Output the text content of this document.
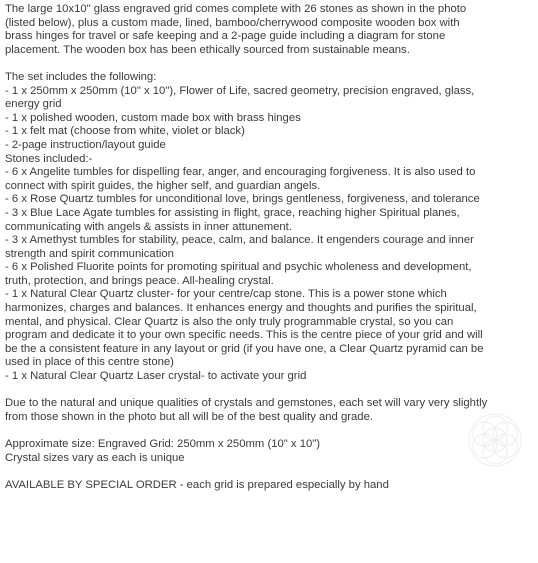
The large 10x10" glass engraved grid comes complete with 26 stones as shown in the photo
(listed below), plus a custom made, lined, bamboo/cherrywood composite wooden box with
brass hinges for travel or safe keeping and a 2-page guide including a diagram for stone
placement. The wooden box has been ethically sourced from sustainable means.
The set includes the following:
- 1 x 250mm x 250mm (10" x 10"), Flower of Life, sacred geometry, precision engraved, glass,
energy grid
- 1 x polished wooden, custom made box with brass hinges
- 1 x felt mat (choose from white, violet or black)
- 2-page instruction/layout guide
Stones included:-
- 6 x Angelite tumbles for dispelling fear, anger, and encouraging forgiveness. It is also used to
connect with spirit guides, the higher self, and guardian angels.
- 6 x Rose Quartz tumbles for unconditional love, brings gentleness, forgiveness, and tolerance
- 3 x Blue Lace Agate tumbles for assisting in flight, grace, reaching higher Spiritual planes,
communicating with angels & assists in inner attunement.
- 3 x Amethyst tumbles for stability, peace, calm, and balance. It engenders courage and inner
strength and spirit communication
- 6 x Polished Fluorite points for promoting spiritual and psychic wholeness and development,
truth, protection, and brings peace. All-healing crystal.
- 1 x Natural Clear Quartz cluster- for your centre/cap stone. This is a power stone which
harmonizes, charges and balances. It enhances energy and thoughts and purifies the spiritual,
mental, and physical. Clear Quartz is also the only truly programmable crystal, so you can
program and dedicate it to your own specific needs. This is the centre piece of your grid and will
be the a consistent feature in any layout or grid (if you have one, a Clear Quartz pyramid can be
used in place of this centre stone)
- 1 x Natural Clear Quartz Laser crystal- to activate your grid
Due to the natural and unique qualities of crystals and gemstones, each set will vary very slightly
from those shown in the photo but all will be of the best quality and grade.
Approximate size: Engraved Grid: 250mm x 250mm (10" x 10")
Crystal sizes vary as each is unique
AVAILABLE BY SPECIAL ORDER - each grid is prepared especially by hand
